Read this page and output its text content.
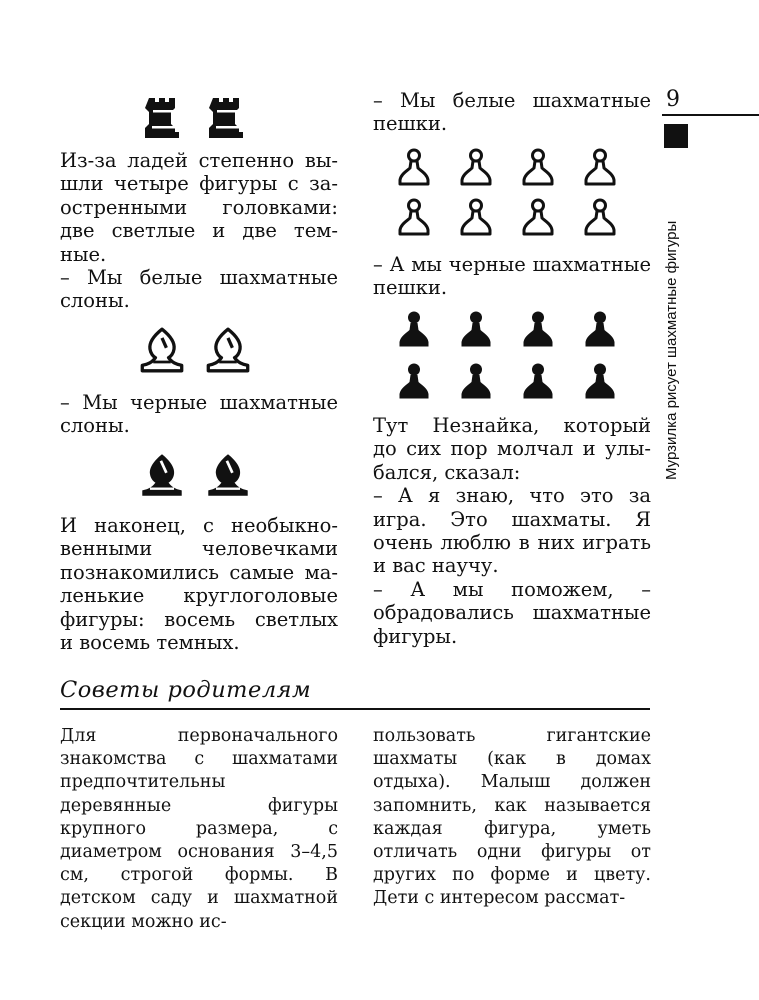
9
Мурзилка рисует шахматные фигуры

Из-за ладей степенно вы-

шли четыре фигуры с за-

остренными головками:

две светлые и две тем-

ные.

– Мы белые шахматные

слоны.

– Мы черные шахматные

слоны.

И наконец, с необыкно-

венными человечками

познакомились самые ма-

ленькие круглоголовые

фигуры: восемь светлых

и восемь темных.

– Мы белые шахматные

пешки.

– А мы черные шахматные

пешки.

Тут Незнайка, который

до сих пор молчал и улы-

бался, сказал:

– А я знаю, что это за игра. Это шахматы. Я очень люблю в них играть и вас научу.

– А мы поможем, – обрадовались шахматные фигуры.

Советы родителям

Для первоначального знакомства с шахматами предпочтительны деревянные фигуры крупного размера, с диаметром основания 3–4,5 см, строгой формы. В детском саду и шахматной секции можно ис-

пользовать гигантские шахматы (как в домах отдыха). Малыш должен запомнить, как называется каждая фигура, уметь отличать одни фигуры от других по форме и цвету. Дети с интересом рассмат-
